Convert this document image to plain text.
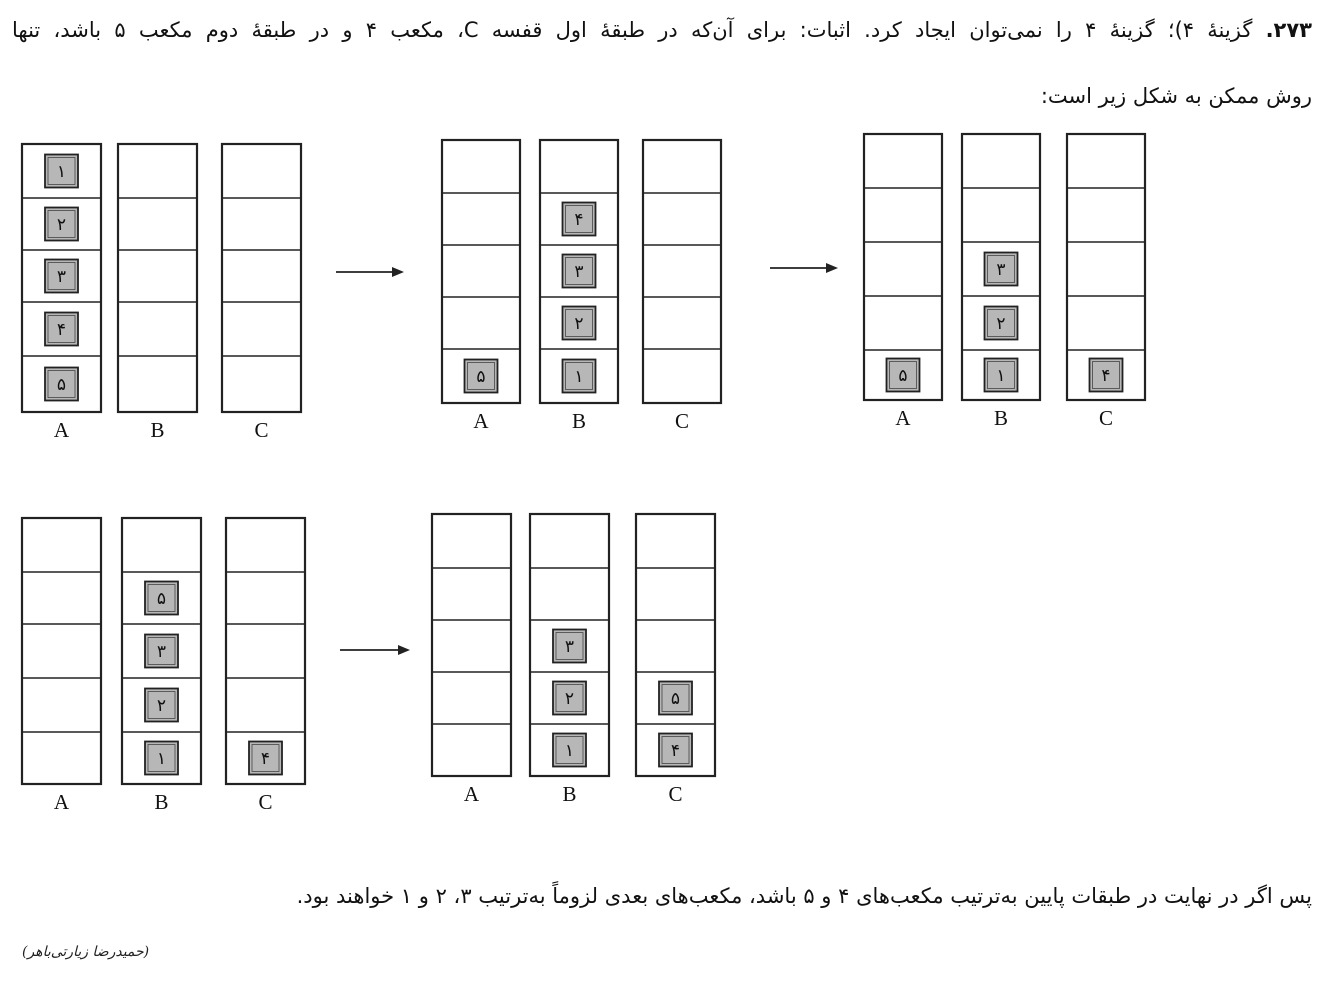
۲۷۳. گزینهٔ ۴)؛ گزینهٔ ۴ را نمی‌توان ایجاد کرد. اثبات: برای آن‌که در طبقهٔ اول قفسه C، مکعب ۴ و در طبقهٔ دوم مکعب ۵ باشد، تنها
روش ممکن به شکل زیر است:
۵
۴
۳
۲
۱
A	B	C
۵
A
۱
۲
۳
۴
B	C
۵
A
۱
۲
۳
B
۴
C
A
۱
۲
۳
۵
B
۴
C	A
۱
۲
۳
B
۴
۵
C
پس اگر در نهایت در طبقات پایین به‌ترتیب مکعب‌های ۴ و ۵ باشد، مکعب‌های بعدی لزوماً به‌ترتیب ۳، ۲ و ۱ خواهند بود.
(حمیدرضا زیارتی‌باهر)
